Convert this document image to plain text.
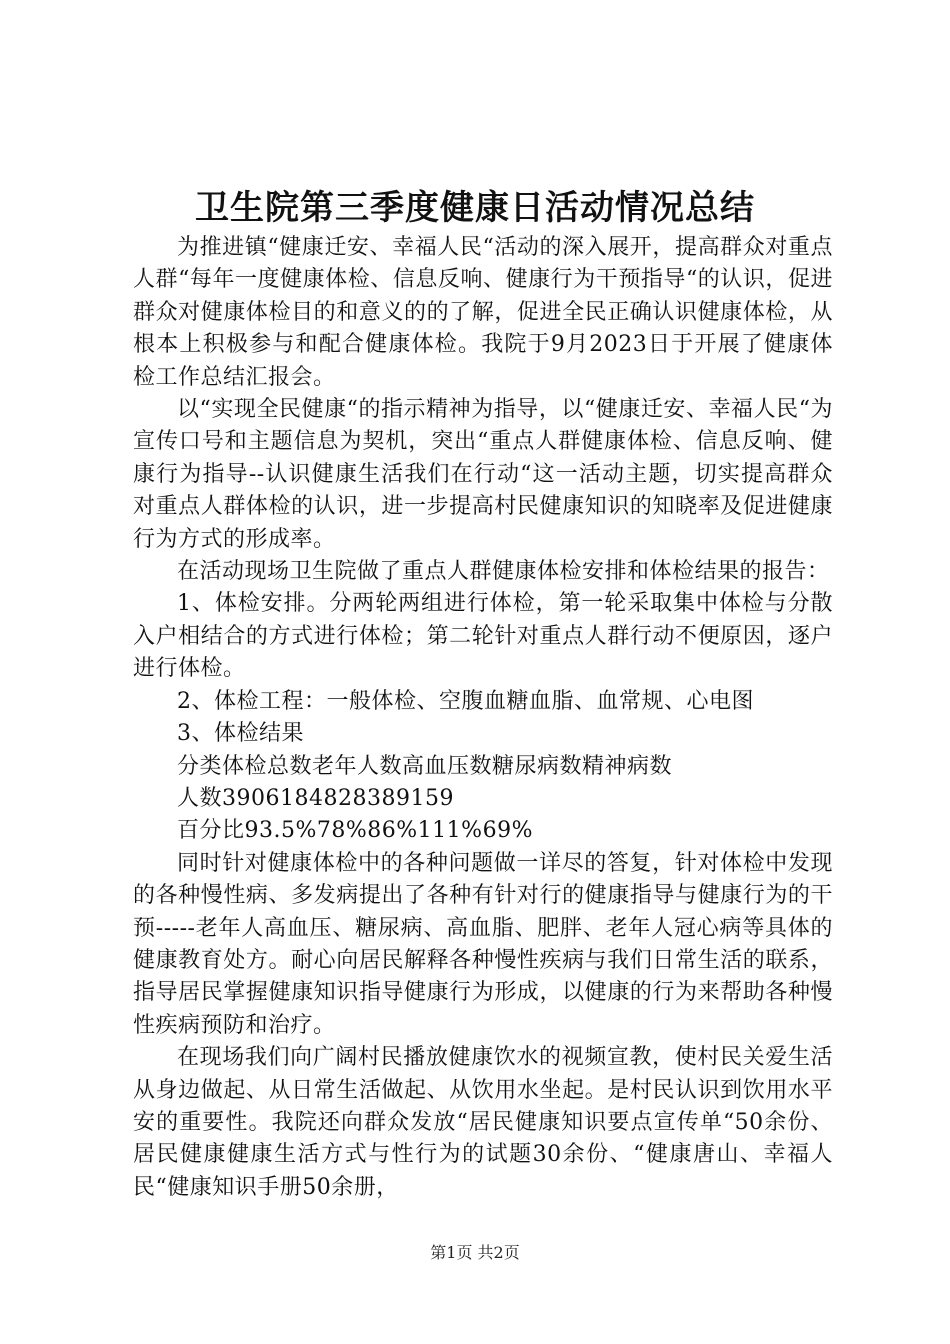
卫生院第三季度健康日活动情况总结

为推进镇“健康迁安、幸福人民“活动的深入展开，提高群众对重点人群“每年一度健康体检、信息反响、健康行为干预指导“的认识，促进群众对健康体检目的和意义的的了解，促进全民正确认识健康体检，从根本上积极参与和配合健康体检。我院于9月2023日于开展了健康体检工作总结汇报会。

以“实现全民健康“的指示精神为指导，以“健康迁安、幸福人民“为宣传口号和主题信息为契机，突出“重点人群健康体检、信息反响、健康行为指导--认识健康生活我们在行动“这一活动主题，切实提高群众对重点人群体检的认识，进一步提高村民健康知识的知晓率及促进健康行为方式的形成率。

在活动现场卫生院做了重点人群健康体检安排和体检结果的报告：

1、体检安排。分两轮两组进行体检，第一轮采取集中体检与分散入户相结合的方式进行体检；第二轮针对重点人群行动不便原因，逐户进行体检。

2、体检工程：一般体检、空腹血糖血脂、血常规、心电图

3、体检结果

分类体检总数老年人数高血压数糖尿病数精神病数

人数3906184828389159

百分比93.5%78%86%111%69%

同时针对健康体检中的各种问题做一详尽的答复，针对体检中发现的各种慢性病、多发病提出了各种有针对行的健康指导与健康行为的干预-----老年人高血压、糖尿病、高血脂、肥胖、老年人冠心病等具体的健康教育处方。耐心向居民解释各种慢性疾病与我们日常生活的联系，指导居民掌握健康知识指导健康行为形成，以健康的行为来帮助各种慢性疾病预防和治疗。

在现场我们向广阔村民播放健康饮水的视频宣教，使村民关爱生活从身边做起、从日常生活做起、从饮用水坐起。是村民认识到饮用水平安的重要性。我院还向群众发放“居民健康知识要点宣传单“50余份、居民健康健康生活方式与性行为的试题30余份、“健康唐山、幸福人民“健康知识手册50余册，

第1页 共2页
